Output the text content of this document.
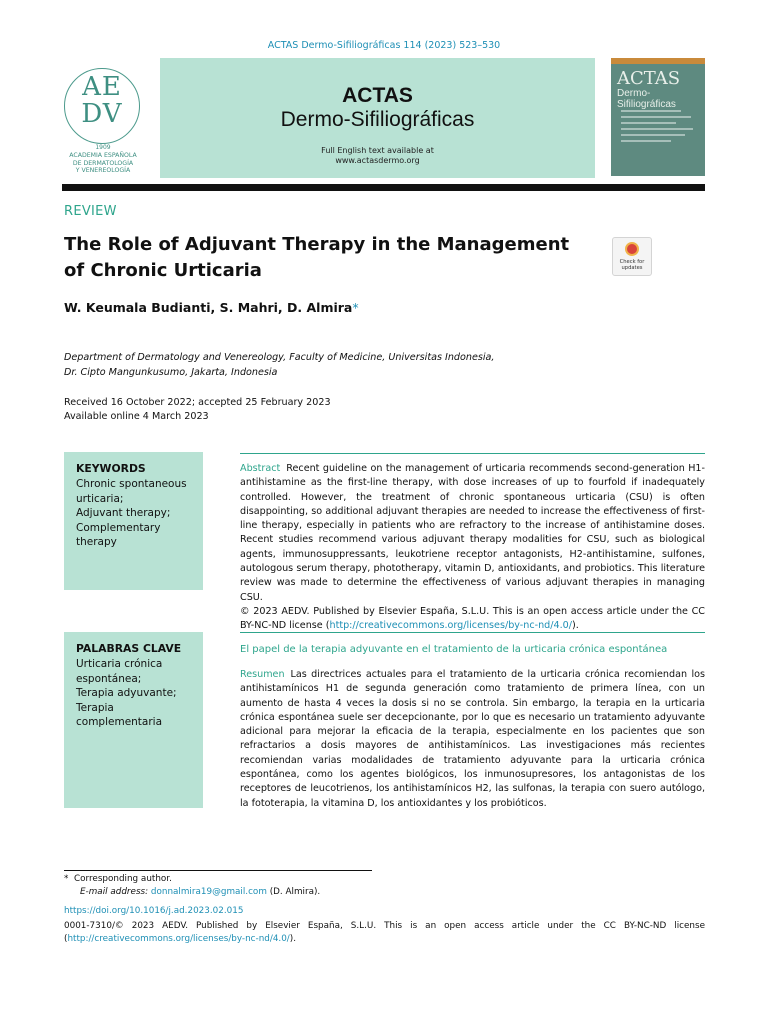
ACTAS Dermo-Sifiliográficas 114 (2023) 523–530
AE
DV
1909
ACADEMIA ESPAÑOLA
DE DERMATOLOGÍA
Y VENEREOLOGÍA
ACTAS
Dermo-Sifiliográficas
Full English text available at
www.actasdermo.org
ACTAS
Dermo-Sifiliográficas
REVIEW
The Role of Adjuvant Therapy in the Management of Chronic Urticaria	Check for
updates
W. Keumala Budianti, S. Mahri, D. Almira*
Department of Dermatology and Venereology, Faculty of Medicine, Universitas Indonesia,
Dr. Cipto Mangunkusumo, Jakarta, Indonesia
Received 16 October 2022; accepted 25 February 2023
Available online 4 March 2023
KEYWORDS
Chronic spontaneous urticaria;
Adjuvant therapy;
Complementary therapy
Abstract Recent guideline on the management of urticaria recommends second-generation H1-antihistamine as the first-line therapy, with dose increases of up to fourfold if inadequately controlled. However, the treatment of chronic spontaneous urticaria (CSU) is often disappointing, so additional adjuvant therapies are needed to increase the effectiveness of first-line therapy, especially in patients who are refractory to the increase of antihistamine doses. Recent studies recommend various adjuvant therapy modalities for CSU, such as biological agents, immunosuppressants, leukotriene receptor antagonists, H2-antihistamine, sulfones, autologous serum therapy, phototherapy, vitamin D, antioxidants, and probiotics. This literature review was made to determine the effectiveness of various adjuvant therapies in managing CSU.
© 2023 AEDV. Published by Elsevier España, S.L.U. This is an open access article under the CC BY-NC-ND license (http://creativecommons.org/licenses/by-nc-nd/4.0/).
PALABRAS CLAVE
Urticaria crónica espontánea;
Terapia adyuvante;
Terapia complementaria
El papel de la terapia adyuvante en el tratamiento de la urticaria crónica espontánea
Resumen Las directrices actuales para el tratamiento de la urticaria crónica recomiendan los antihistamínicos H1 de segunda generación como tratamiento de primera línea, con un aumento de hasta 4 veces la dosis si no se controla. Sin embargo, la terapia en la urticaria crónica espontánea suele ser decepcionante, por lo que es necesario un tratamiento adyuvante adicional para mejorar la eficacia de la terapia, especialmente en los pacientes que son refractarios a dosis mayores de antihistamínicos. Las investigaciones más recientes recomiendan varias modalidades de tratamiento adyuvante para la urticaria crónica espontánea, como los agentes biológicos, los inmunosupresores, los antagonistas de los receptores de leucotrienos, los antihistamínicos H2, las sulfonas, la terapia con suero autólogo, la fototerapia, la vitamina D, los antioxidantes y los probióticos.
* Corresponding author.
E-mail address: donnalmira19@gmail.com (D. Almira).
https://doi.org/10.1016/j.ad.2023.02.015
0001-7310/© 2023 AEDV. Published by Elsevier España, S.L.U. This is an open access article under the CC BY-NC-ND license (http://creativecommons.org/licenses/by-nc-nd/4.0/).
